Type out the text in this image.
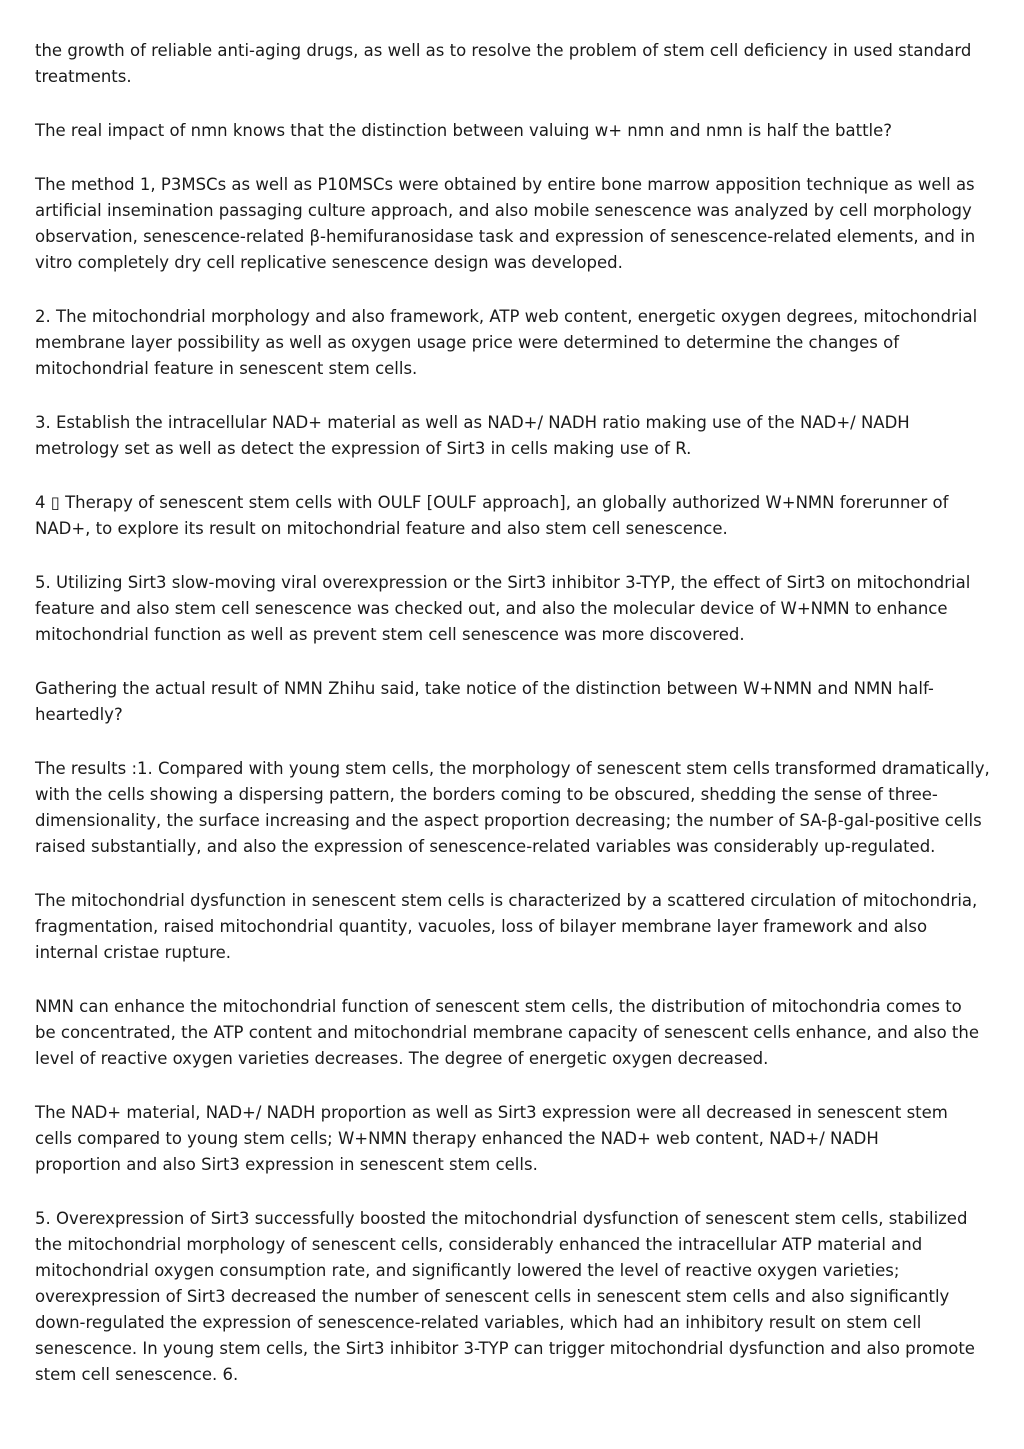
the growth of reliable anti-aging drugs, as well as to resolve the problem of stem cell deficiency in used standard
treatments.

The real impact of nmn knows that the distinction between valuing w+ nmn and nmn is half the battle?

The method 1, P3MSCs as well as P10MSCs were obtained by entire bone marrow apposition technique as well as
artificial insemination passaging culture approach, and also mobile senescence was analyzed by cell morphology
observation, senescence-related β-hemifuranosidase task and expression of senescence-related elements, and in
vitro completely dry cell replicative senescence design was developed.

2. The mitochondrial morphology and also framework, ATP web content, energetic oxygen degrees, mitochondrial
membrane layer possibility as well as oxygen usage price were determined to determine the changes of
mitochondrial feature in senescent stem cells.

3. Establish the intracellular NAD+ material as well as NAD+/ NADH ratio making use of the NAD+/ NADH
metrology set as well as detect the expression of Sirt3 in cells making use of R.

4 ▯ Therapy of senescent stem cells with OULF [OULF approach], an globally authorized W+NMN forerunner of
NAD+, to explore its result on mitochondrial feature and also stem cell senescence.

5. Utilizing Sirt3 slow-moving viral overexpression or the Sirt3 inhibitor 3-TYP, the effect of Sirt3 on mitochondrial
feature and also stem cell senescence was checked out, and also the molecular device of W+NMN to enhance
mitochondrial function as well as prevent stem cell senescence was more discovered.

Gathering the actual result of NMN Zhihu said, take notice of the distinction between W+NMN and NMN half-
heartedly?

The results :1. Compared with young stem cells, the morphology of senescent stem cells transformed dramatically,
with the cells showing a dispersing pattern, the borders coming to be obscured, shedding the sense of three-
dimensionality, the surface increasing and the aspect proportion decreasing; the number of SA-β-gal-positive cells
raised substantially, and also the expression of senescence-related variables was considerably up-regulated.

The mitochondrial dysfunction in senescent stem cells is characterized by a scattered circulation of mitochondria,
fragmentation, raised mitochondrial quantity, vacuoles, loss of bilayer membrane layer framework and also
internal cristae rupture.

NMN can enhance the mitochondrial function of senescent stem cells, the distribution of mitochondria comes to
be concentrated, the ATP content and mitochondrial membrane capacity of senescent cells enhance, and also the
level of reactive oxygen varieties decreases. The degree of energetic oxygen decreased.

The NAD+ material, NAD+/ NADH proportion as well as Sirt3 expression were all decreased in senescent stem
cells compared to young stem cells; W+NMN therapy enhanced the NAD+ web content, NAD+/ NADH
proportion and also Sirt3 expression in senescent stem cells.

5. Overexpression of Sirt3 successfully boosted the mitochondrial dysfunction of senescent stem cells, stabilized
the mitochondrial morphology of senescent cells, considerably enhanced the intracellular ATP material and
mitochondrial oxygen consumption rate, and significantly lowered the level of reactive oxygen varieties;
overexpression of Sirt3 decreased the number of senescent cells in senescent stem cells and also significantly
down-regulated the expression of senescence-related variables, which had an inhibitory result on stem cell
senescence. In young stem cells, the Sirt3 inhibitor 3-TYP can trigger mitochondrial dysfunction and also promote
stem cell senescence. 6.
